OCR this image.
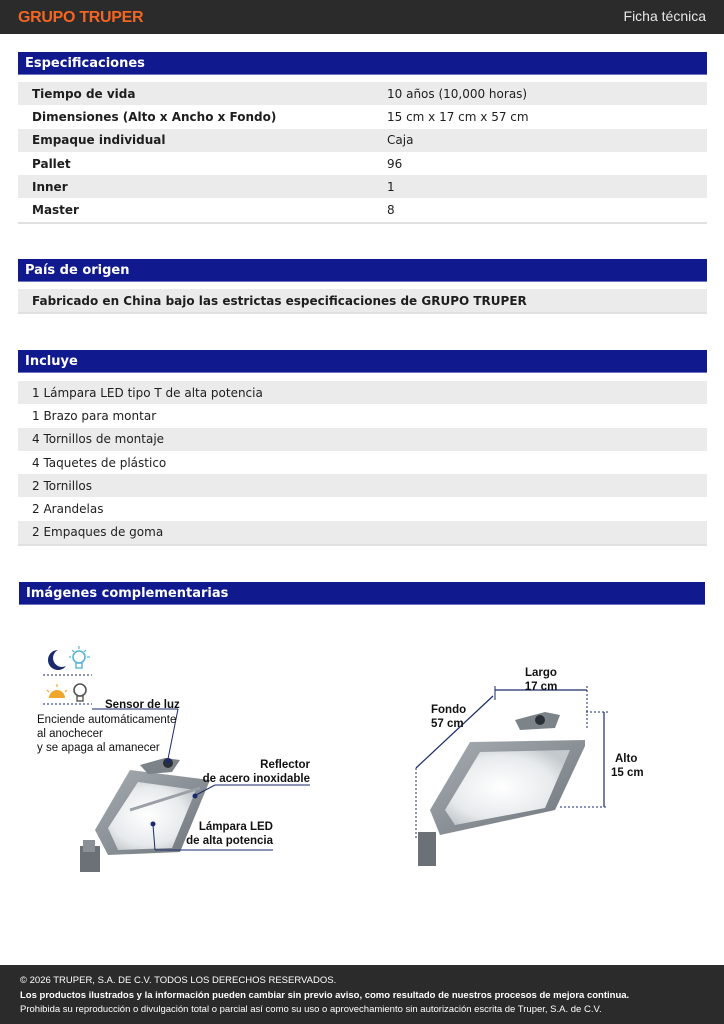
GRUPO TRUPER	Ficha técnica
Especificaciones
Tiempo de vida	10 años (10,000 horas)
Dimensiones (Alto x Ancho x Fondo)	15 cm x 17 cm x 57 cm
Empaque individual	Caja
Pallet	96
Inner	1
Master	8
País de origen
Fabricado en China bajo las estrictas especificaciones de GRUPO TRUPER
Incluye
1 Lámpara LED tipo T de alta potencia
1 Brazo para montar
4 Tornillos de montaje
4 Taquetes de plástico
2 Tornillos
2 Arandelas
2 Empaques de goma
Imágenes complementarias
Sensor de luz
Enciende automáticamente
al anochecer
y se apaga al amanecer
Reflector
de acero inoxidable
Lámpara LED
de alta potencia
Largo
17 cm
Fondo
57 cm
Alto
15 cm
© 2026 TRUPER, S.A. DE C.V. TODOS LOS DERECHOS RESERVADOS.
Los productos ilustrados y la información pueden cambiar sin previo aviso, como resultado de nuestros procesos de mejora continua.
Prohibida su reproducción o divulgación total o parcial así como su uso o aprovechamiento sin autorización escrita de Truper, S.A. de C.V.
